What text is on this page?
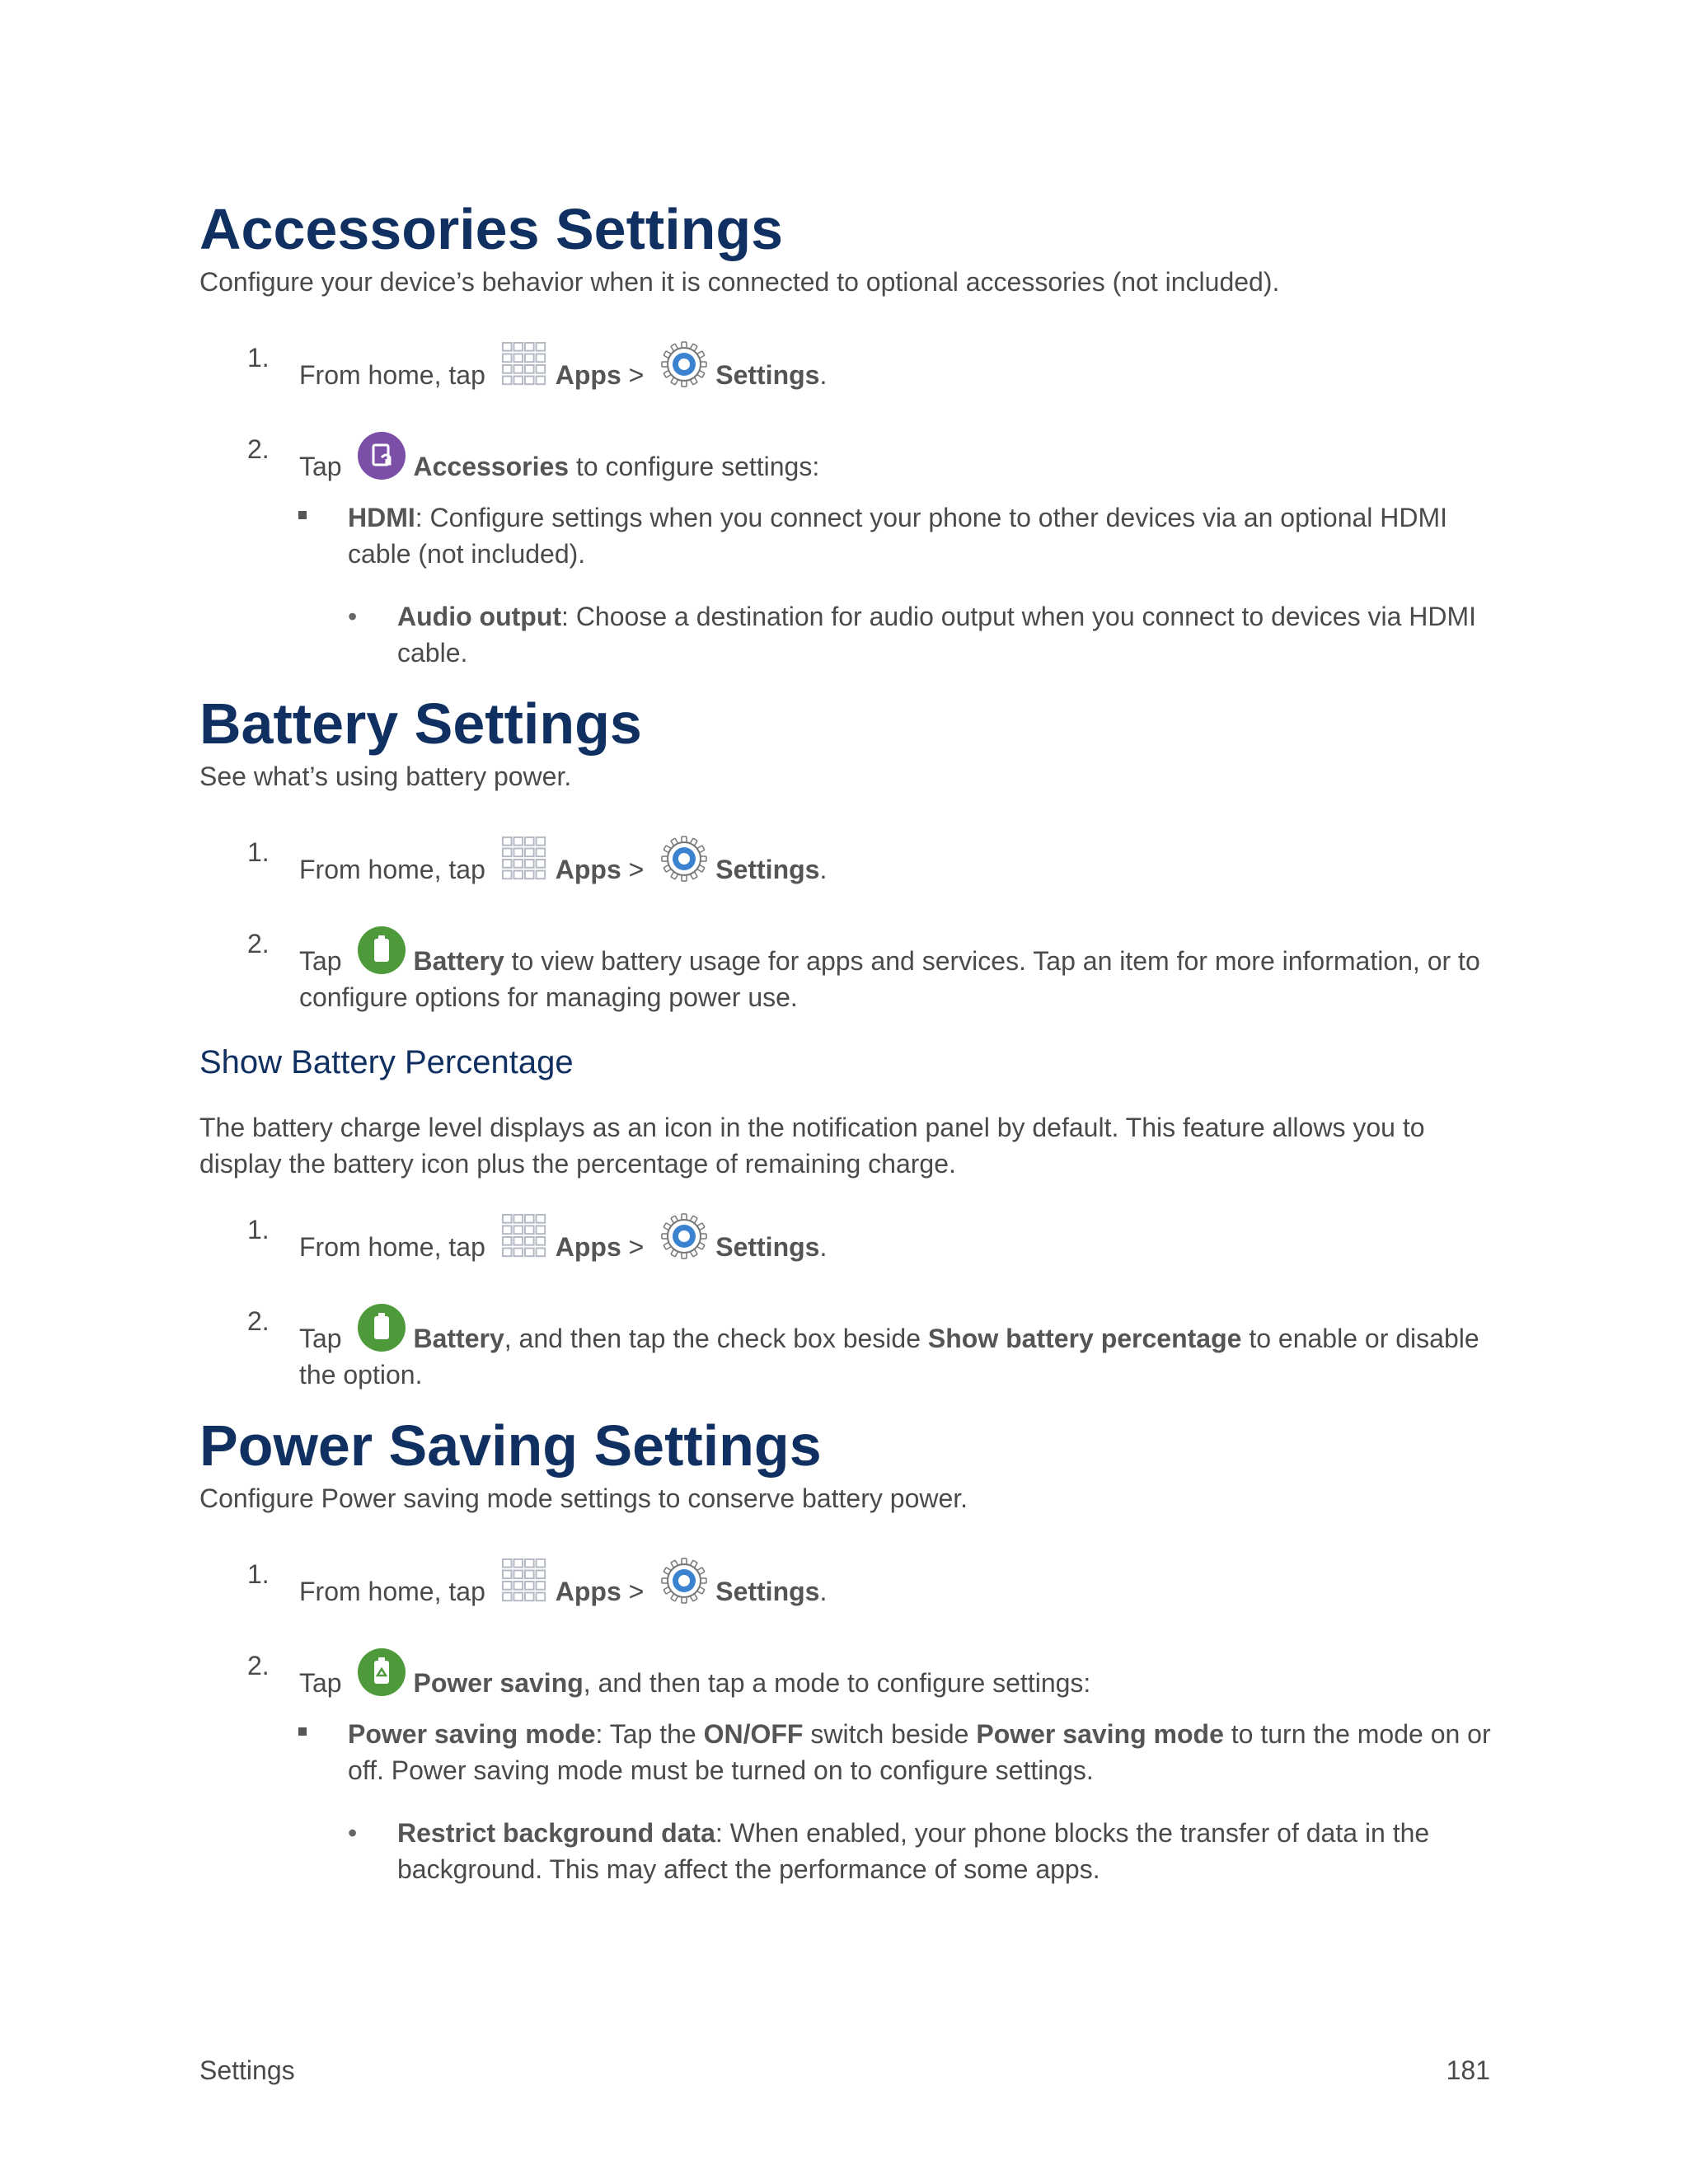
Accessories Settings

Configure your device’s behavior when it is connected to optional accessories (not included).

1.
From home, tap	Apps >	Settings.
2.
Tap	Accessories to configure settings:
HDMI: Configure settings when you connect your phone to other devices via an optional HDMI cable (not included).
• Audio output: Choose a destination for audio output when you connect to devices via HDMI cable.
Battery Settings

See what’s using battery power.

1.
From home, tap	Apps >	Settings.
2.
Tap	Battery to view battery usage for apps and services. Tap an item for more information, or to configure options for managing power use.
Show Battery Percentage

The battery charge level displays as an icon in the notification panel by default. This feature allows you to display the battery icon plus the percentage of remaining charge.

1.
From home, tap	Apps >	Settings.
2.
Tap	Battery, and then tap the check box beside Show battery percentage to enable or disable the option.
Power Saving Settings

Configure Power saving mode settings to conserve battery power.

1.
From home, tap	Apps >	Settings.
2.
Tap	Power saving, and then tap a mode to configure settings:
Power saving mode: Tap the ON/OFF switch beside Power saving mode to turn the mode on or off. Power saving mode must be turned on to configure settings.
• Restrict background data: When enabled, your phone blocks the transfer of data in the background. This may affect the performance of some apps.
Settings	181
